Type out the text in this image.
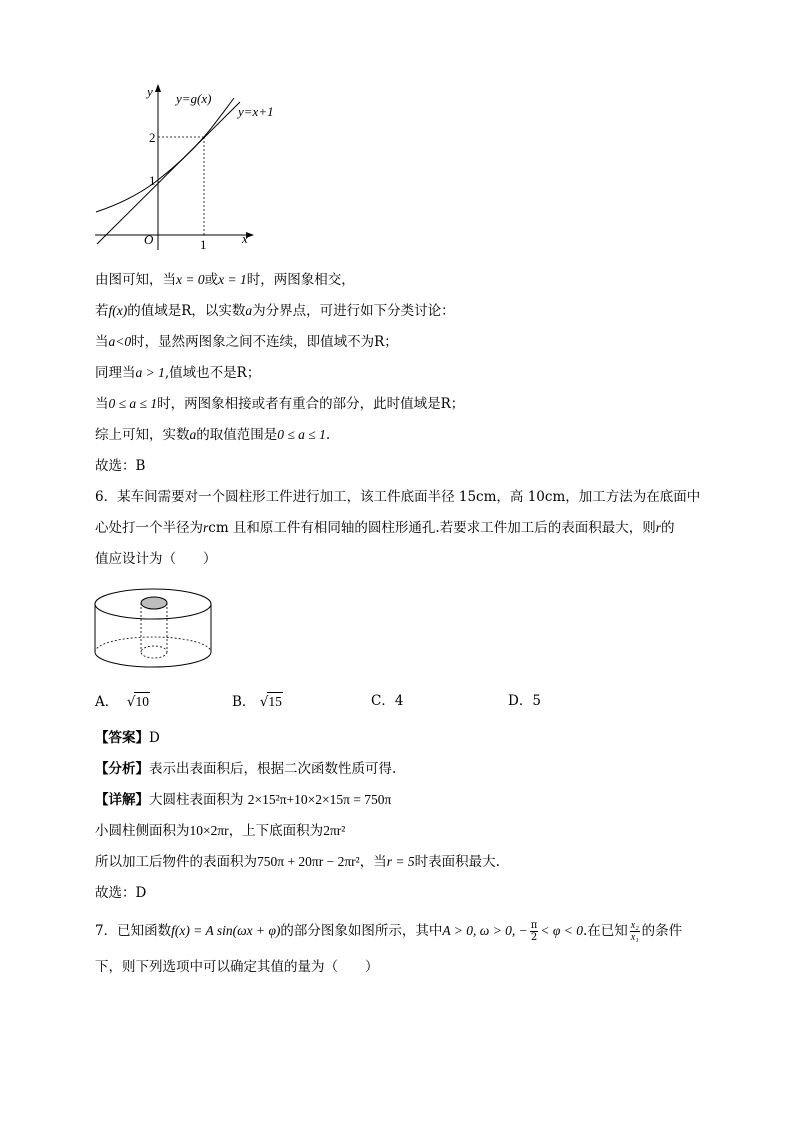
y
x
O	1
1
2
y=g(x)
y=x+1
由图可知，当x = 0或x = 1时，两图象相交，
若f(x)的值域是R，以实数a为分界点，可进行如下分类讨论：
当a<0时，显然两图象之间不连续，即值域不为R；
同理当a > 1,值域也不是R；
当0 ≤ a ≤ 1时，两图象相接或者有重合的部分，此时值域是R；
综上可知，实数a的取值范围是0 ≤ a ≤ 1.
故选：B
6．某车间需要对一个圆柱形工件进行加工，该工件底面半径 15cm，高 10cm，加工方法为在底面中
心处打一个半径为rcm 且和原工件有相同轴的圆柱形通孔.若要求工件加工后的表面积最大，则r的
值应设计为（　　）
A．  √10	B． √15	C．4	D．5
【答案】D
【分析】表示出表面积后，根据二次函数性质可得.
【详解】大圆柱表面积为 2×15²π+10×2×15π = 750π
小圆柱侧面积为10×2πr，上下底面积为2πr²
所以加工后物件的表面积为750π + 20πr − 2πr²，当r = 5时表面积最大.
故选：D
7．已知函数f(x) = A sin(ωx + φ)的部分图象如图所示，其中A > 0, ω > 0, − $\frac{\pi}{2} < \varphi < 0$.在已知 $\frac{\text{x₂}}{\text{x₁}}$ 的条件
下，则下列选项中可以确定其值的量为（　　）
